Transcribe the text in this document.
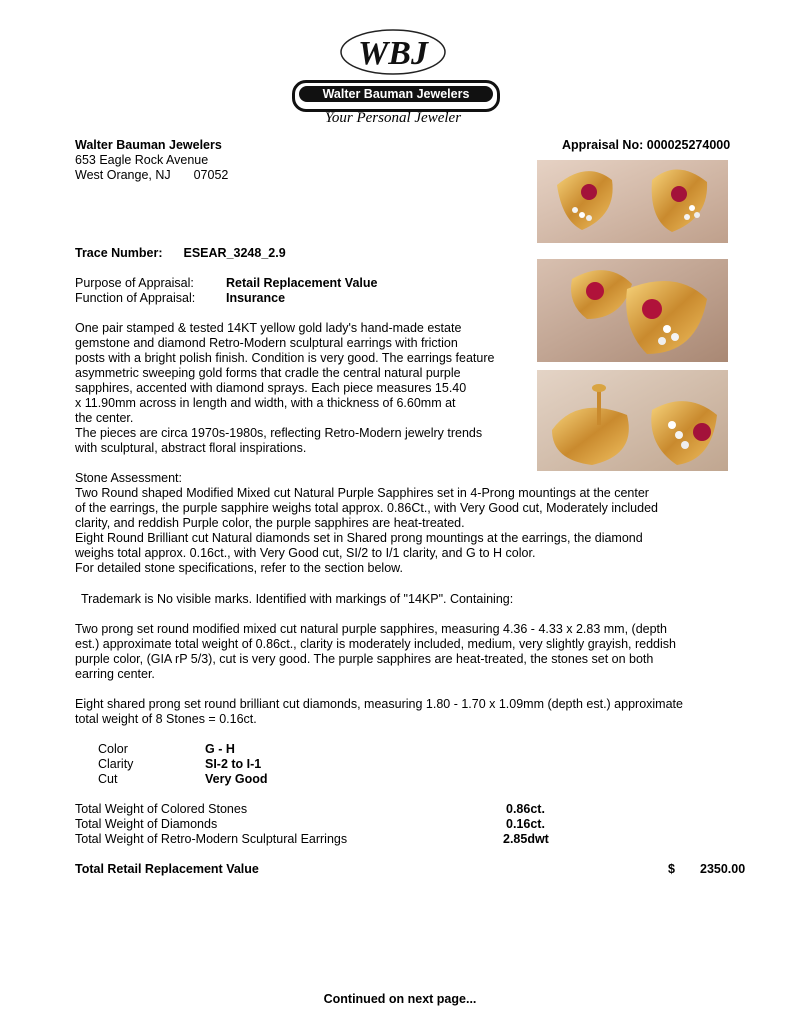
WBJ
Walter Bauman Jewelers
Your Personal Jeweler
Walter Bauman Jewelers
653 Eagle Rock Avenue
West Orange, NJ 07052
Appraisal No: 000025274000
Trace Number: ESEAR_3248_2.9
Purpose of Appraisal:	Retail Replacement Value
Function of Appraisal: Insurance
One pair stamped & tested 14KT yellow gold lady's hand-made estate
gemstone and diamond Retro-Modern sculptural earrings with friction
posts with a bright polish finish. Condition is very good. The earrings feature
asymmetric sweeping gold forms that cradle the central natural purple
sapphires, accented with diamond sprays. Each piece measures 15.40
x 11.90mm across in length and width, with a thickness of 6.60mm at
the center.
The pieces are circa 1970s-1980s, reflecting Retro-Modern jewelry trends
with sculptural, abstract floral inspirations.
Stone Assessment:
Two Round shaped Modified Mixed cut Natural Purple Sapphires set in 4-Prong mountings at the center
of the earrings, the purple sapphire weighs total approx. 0.86Ct., with Very Good cut, Moderately included
clarity, and reddish Purple color, the purple sapphires are heat-treated.
Eight Round Brilliant cut Natural diamonds set in Shared prong mountings at the earrings, the diamond
weighs total approx. 0.16ct., with Very Good cut, SI/2 to I/1 clarity, and G to H color.
For detailed stone specifications, refer to the section below.
Trademark is No visible marks. Identified with markings of "14KP". Containing:
Two prong set round modified mixed cut natural purple sapphires, measuring 4.36 - 4.33 x 2.83 mm, (depth
est.) approximate total weight of 0.86ct., clarity is moderately included, medium, very slightly grayish, reddish
purple color, (GIA rP 5/3), cut is very good. The purple sapphires are heat-treated, the stones set on both
earring center.
Eight shared prong set round brilliant cut diamonds, measuring 1.80 - 1.70 x 1.09mm (depth est.) approximate
total weight of 8 Stones = 0.16ct.
Color	G - H
Clarity	SI-2 to I-1
Cut	Very Good
Total Weight of Colored Stones	0.86ct.
Total Weight of Diamonds	0.16ct.
Total Weight of Retro-Modern Sculptural Earrings	2.85dwt
Total Retail Replacement Value	$ 2350.00
Continued on next page...
